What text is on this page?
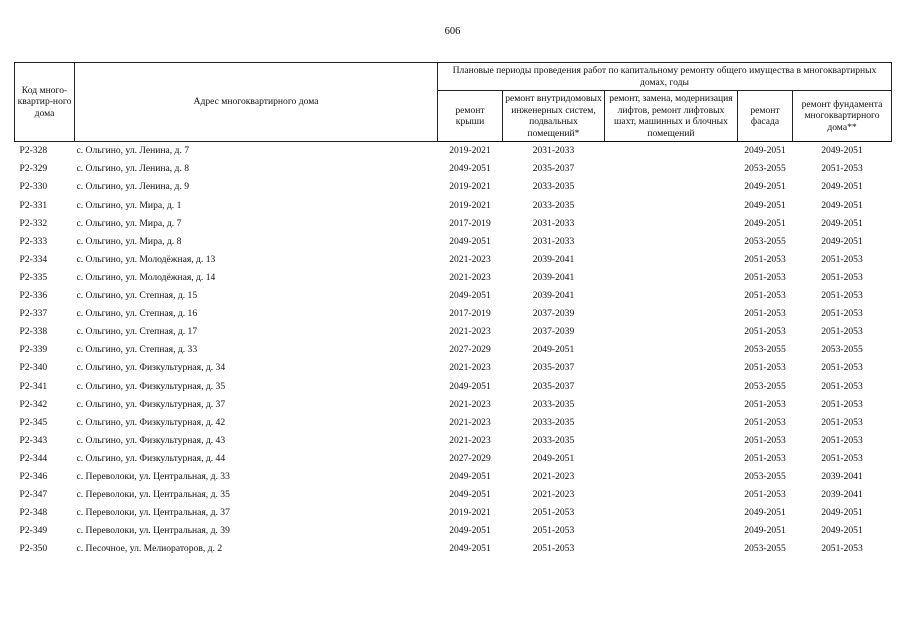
606
Код много-квартир-ного дома	Адрес многоквартирного дома	Плановые периоды проведения работ по капитальному ремонту общего имущества в многоквартирных домах, годы				
		ремонт крыши	ремонт внутридомовых инженерных систем, подвальных помещений*	ремонт, замена, модернизация лифтов, ремонт лифтовых шахт, машинных и блочных помещений	ремонт фасада	ремонт фундамента многоквартирного дома**
Р2-328	с. Ольгино, ул. Ленина, д. 7	2019-2021	2031-2033		2049-2051	2049-2051
Р2-329	с. Ольгино, ул. Ленина, д. 8	2049-2051	2035-2037		2053-2055	2051-2053
Р2-330	с. Ольгино, ул. Ленина, д. 9	2019-2021	2033-2035		2049-2051	2049-2051
Р2-331	с. Ольгино, ул. Мира, д. 1	2019-2021	2033-2035		2049-2051	2049-2051
Р2-332	с. Ольгино, ул. Мира, д. 7	2017-2019	2031-2033		2049-2051	2049-2051
Р2-333	с. Ольгино, ул. Мира, д. 8	2049-2051	2031-2033		2053-2055	2049-2051
Р2-334	с. Ольгино, ул. Молодёжная, д. 13	2021-2023	2039-2041		2051-2053	2051-2053
Р2-335	с. Ольгино, ул. Молодёжная, д. 14	2021-2023	2039-2041		2051-2053	2051-2053
Р2-336	с. Ольгино, ул. Степная, д. 15	2049-2051	2039-2041		2051-2053	2051-2053
Р2-337	с. Ольгино, ул. Степная, д. 16	2017-2019	2037-2039		2051-2053	2051-2053
Р2-338	с. Ольгино, ул. Степная, д. 17	2021-2023	2037-2039		2051-2053	2051-2053
Р2-339	с. Ольгино, ул. Степная, д. 33	2027-2029	2049-2051		2053-2055	2053-2055
Р2-340	с. Ольгино, ул. Физкультурная, д. 34	2021-2023	2035-2037		2051-2053	2051-2053
Р2-341	с. Ольгино, ул. Физкультурная, д. 35	2049-2051	2035-2037		2053-2055	2051-2053
Р2-342	с. Ольгино, ул. Физкультурная, д. 37	2021-2023	2033-2035		2051-2053	2051-2053
Р2-345	с. Ольгино, ул. Физкультурная, д. 42	2021-2023	2033-2035		2051-2053	2051-2053
Р2-343	с. Ольгино, ул. Физкультурная, д. 43	2021-2023	2033-2035		2051-2053	2051-2053
Р2-344	с. Ольгино, ул. Физкультурная, д. 44	2027-2029	2049-2051		2051-2053	2051-2053
Р2-346	с. Переволоки, ул. Центральная, д. 33	2049-2051	2021-2023		2053-2055	2039-2041
Р2-347	с. Переволоки, ул. Центральная, д. 35	2049-2051	2021-2023		2051-2053	2039-2041
Р2-348	с. Переволоки, ул. Центральная, д. 37	2019-2021	2051-2053		2049-2051	2049-2051
Р2-349	с. Переволоки, ул. Центральная, д. 39	2049-2051	2051-2053		2049-2051	2049-2051
Р2-350	с. Песочное, ул. Мелиораторов, д. 2	2049-2051	2051-2053		2053-2055	2051-2053
